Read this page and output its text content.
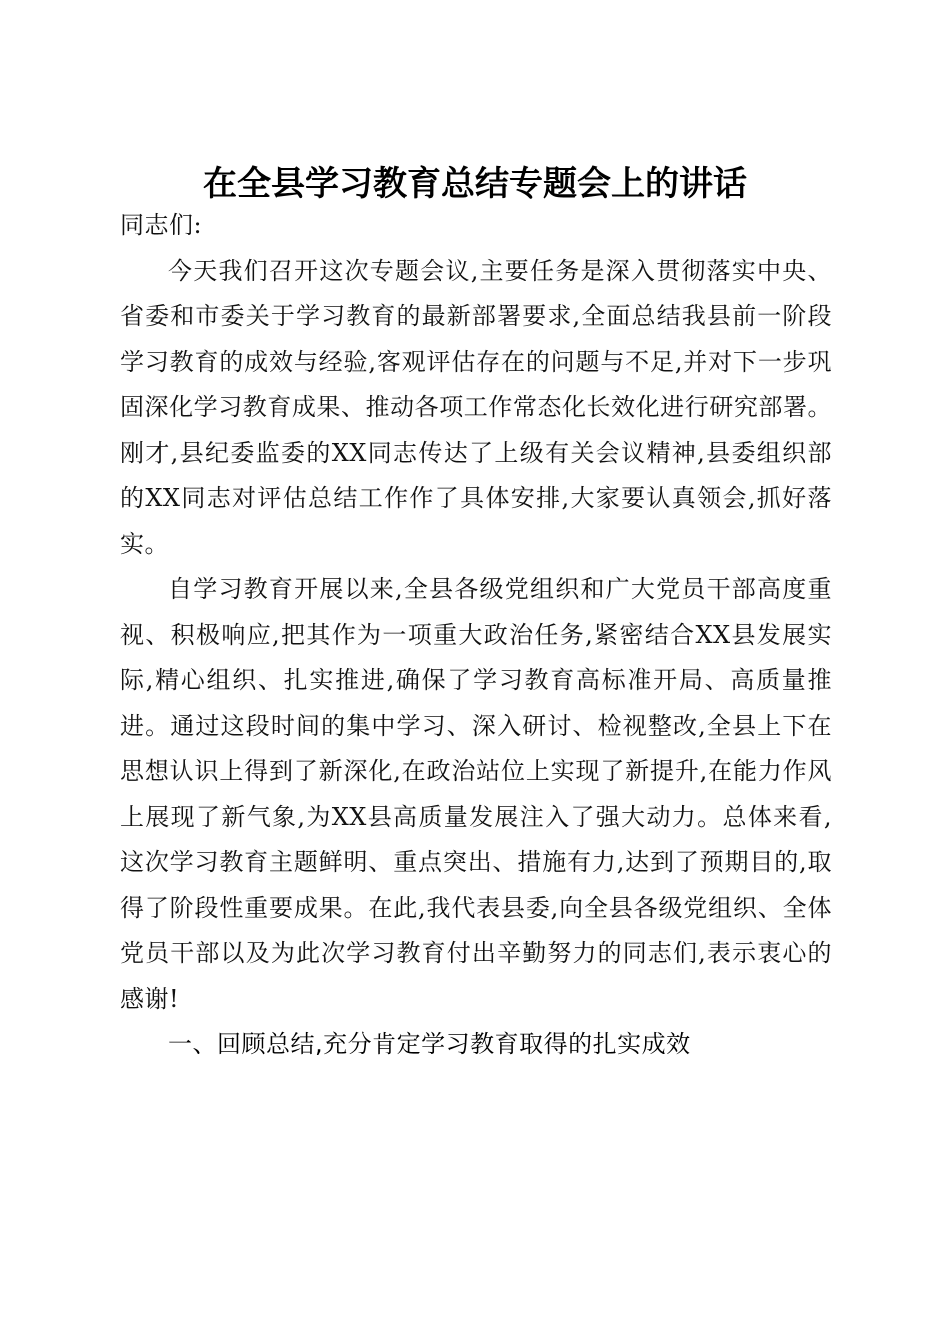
在全县学习教育总结专题会上的讲话

同志们:

今天我们召开这次专题会议,主要任务是深入贯彻落实中央、省委和市委关于学习教育的最新部署要求,全面总结我县前一阶段学习教育的成效与经验,客观评估存在的问题与不足,并对下一步巩固深化学习教育成果、推动各项工作常态化长效化进行研究部署。刚才,县纪委监委的XX同志传达了上级有关会议精神,县委组织部的XX同志对评估总结工作作了具体安排,大家要认真领会,抓好落实。

自学习教育开展以来,全县各级党组织和广大党员干部高度重视、积极响应,把其作为一项重大政治任务,紧密结合XX县发展实际,精心组织、扎实推进,确保了学习教育高标准开局、高质量推进。通过这段时间的集中学习、深入研讨、检视整改,全县上下在思想认识上得到了新深化,在政治站位上实现了新提升,在能力作风上展现了新气象,为XX县高质量发展注入了强大动力。总体来看,这次学习教育主题鲜明、重点突出、措施有力,达到了预期目的,取得了阶段性重要成果。在此,我代表县委,向全县各级党组织、全体党员干部以及为此次学习教育付出辛勤努力的同志们,表示衷心的感谢!

一、回顾总结,充分肯定学习教育取得的扎实成效
